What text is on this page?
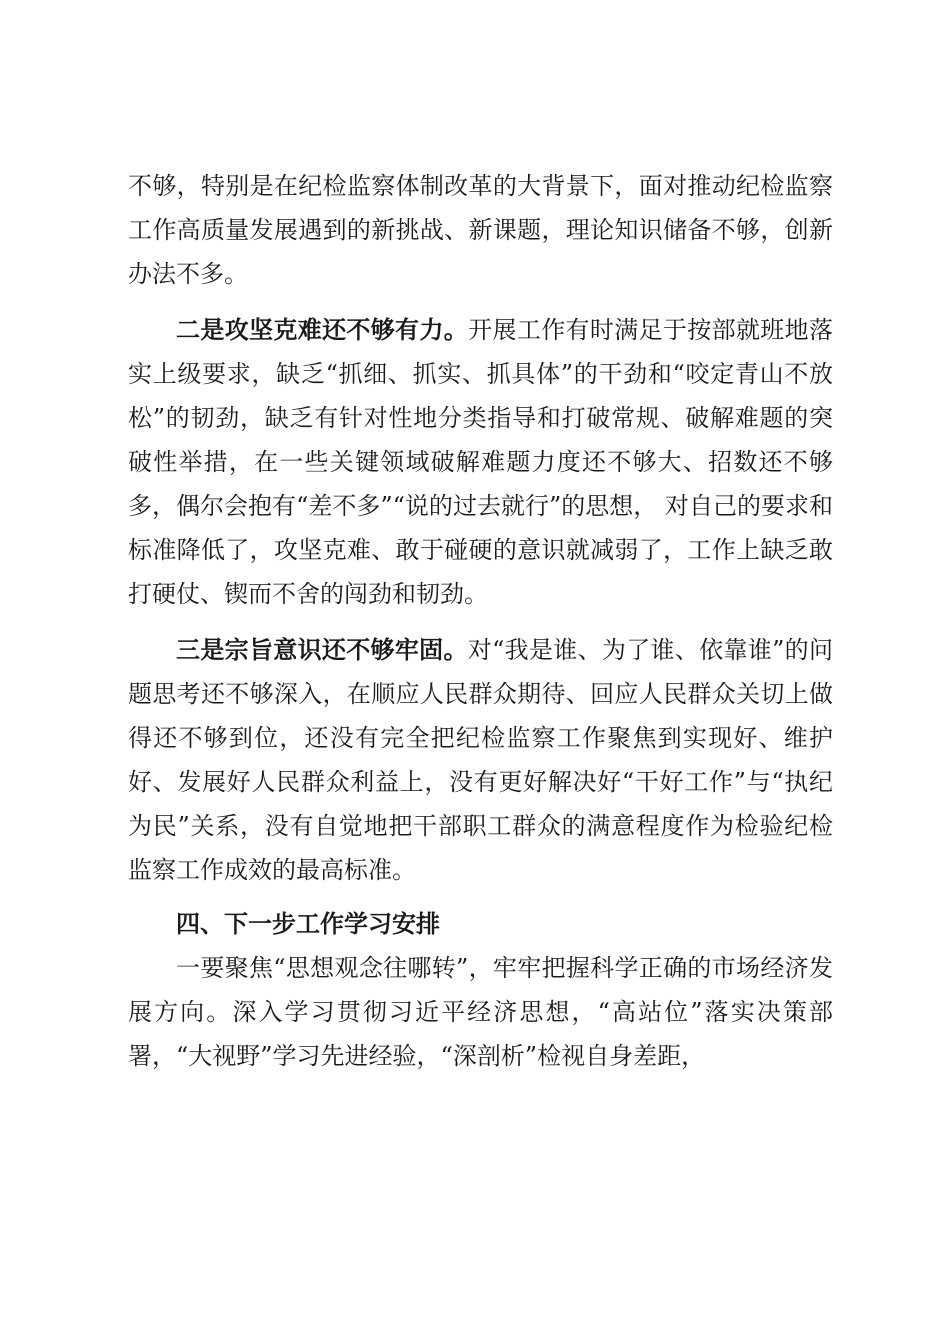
不够，特别是在纪检监察体制改革的大背景下，面对推动纪检监察工作高质量发展遇到的新挑战、新课题，理论知识储备不够，创新办法不多。

二是攻坚克难还不够有力。开展工作有时满足于按部就班地落实上级要求，缺乏“抓细、抓实、抓具体”的干劲和“咬定青山不放松”的韧劲，缺乏有针对性地分类指导和打破常规、破解难题的突破性举措，在一些关键领域破解难题力度还不够大、招数还不够多，偶尔会抱有“差不多”“说的过去就行”的思想， 对自己的要求和标准降低了，攻坚克难、敢于碰硬的意识就减弱了，工作上缺乏敢打硬仗、锲而不舍的闯劲和韧劲。

三是宗旨意识还不够牢固。对“我是谁、为了谁、依靠谁”的问题思考还不够深入，在顺应人民群众期待、回应人民群众关切上做得还不够到位，还没有完全把纪检监察工作聚焦到实现好、维护好、发展好人民群众利益上，没有更好解决好“干好工作”与“执纪为民”关系，没有自觉地把干部职工群众的满意程度作为检验纪检监察工作成效的最高标准。

四、下一步工作学习安排

一要聚焦“思想观念往哪转”，牢牢把握科学正确的市场经济发展方向。深入学习贯彻习近平经济思想，“高站位”落实决策部署，“大视野”学习先进经验，“深剖析”检视自身差距，
